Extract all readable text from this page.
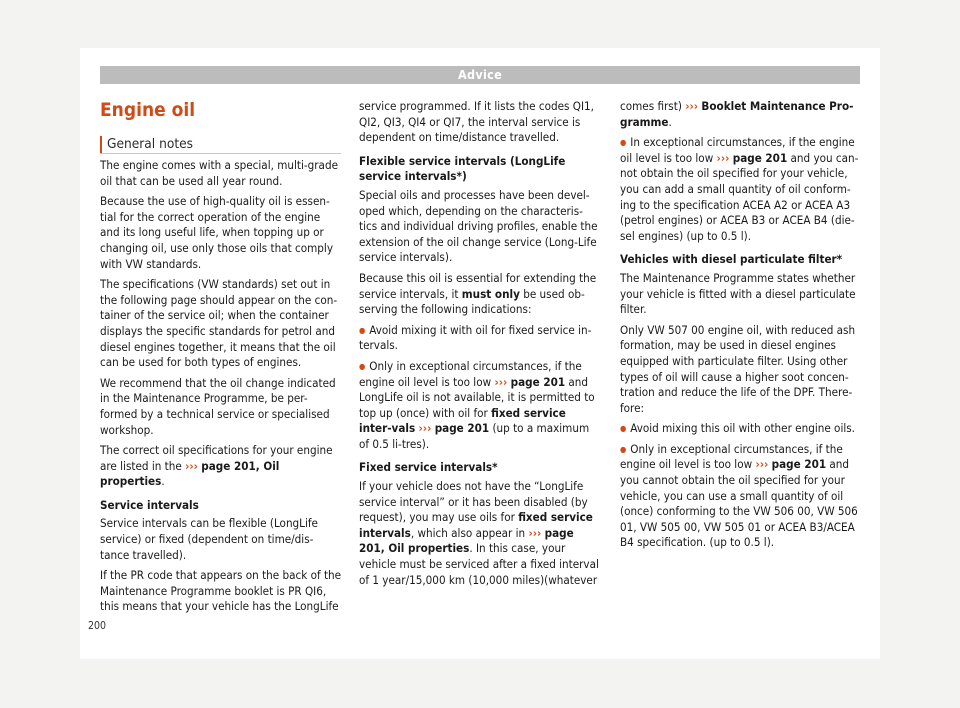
Advice
Engine oil
General notes

The engine comes with a special, multi-grade oil that can be used all year round.

Because the use of high-quality oil is essen-tial for the correct operation of the engine and its long useful life, when topping up or changing oil, use only those oils that comply with VW standards.

The specifications (VW standards) set out in the following page should appear on the con-tainer of the service oil; when the container displays the specific standards for petrol and diesel engines together, it means that the oil can be used for both types of engines.

We recommend that the oil change indicated in the Maintenance Programme, be per-formed by a technical service or specialised workshop.

The correct oil specifications for your engine are listed in the ››› page 201, Oil properties.

Service intervals

Service intervals can be flexible (LongLife service) or fixed (dependent on time/dis-tance travelled).

If the PR code that appears on the back of the Maintenance Programme booklet is PR QI6, this means that your vehicle has the LongLife

service programmed. If it lists the codes QI1, QI2, QI3, QI4 or QI7, the interval service is dependent on time/distance travelled.

Flexible service intervals (LongLife service intervals*)

Special oils and processes have been devel-oped which, depending on the characteris-tics and individual driving profiles, enable the extension of the oil change service (Long-Life service intervals).

Because this oil is essential for extending the service intervals, it must only be used ob-serving the following indications:

● Avoid mixing it with oil for fixed service in-tervals.

● Only in exceptional circumstances, if the engine oil level is too low ››› page 201 and LongLife oil is not available, it is permitted to top up (once) with oil for fixed service inter-vals ››› page 201 (up to a maximum of 0.5 li-tres).

Fixed service intervals*

If your vehicle does not have the “LongLife service interval” or it has been disabled (by request), you may use oils for fixed service intervals, which also appear in ››› page 201, Oil properties. In this case, your vehicle must be serviced after a fixed interval of 1 year/15,000 km (10,000 miles)(whatever

comes first) ››› Booklet Maintenance Pro-gramme.

● In exceptional circumstances, if the engine oil level is too low ››› page 201 and you can-not obtain the oil specified for your vehicle, you can add a small quantity of oil conform-ing to the specification ACEA A2 or ACEA A3 (petrol engines) or ACEA B3 or ACEA B4 (die-sel engines) (up to 0.5 l).

Vehicles with diesel particulate filter*

The Maintenance Programme states whether your vehicle is fitted with a diesel particulate filter.

Only VW 507 00 engine oil, with reduced ash formation, may be used in diesel engines equipped with particulate filter. Using other types of oil will cause a higher soot concen-tration and reduce the life of the DPF. There-fore:

● Avoid mixing this oil with other engine oils.

● Only in exceptional circumstances, if the engine oil level is too low ››› page 201 and you cannot obtain the oil specified for your vehicle, you can use a small quantity of oil (once) conforming to the VW 506 00, VW 506 01, VW 505 00, VW 505 01 or ACEA B3/ACEA B4 specification. (up to 0.5 l).

200
